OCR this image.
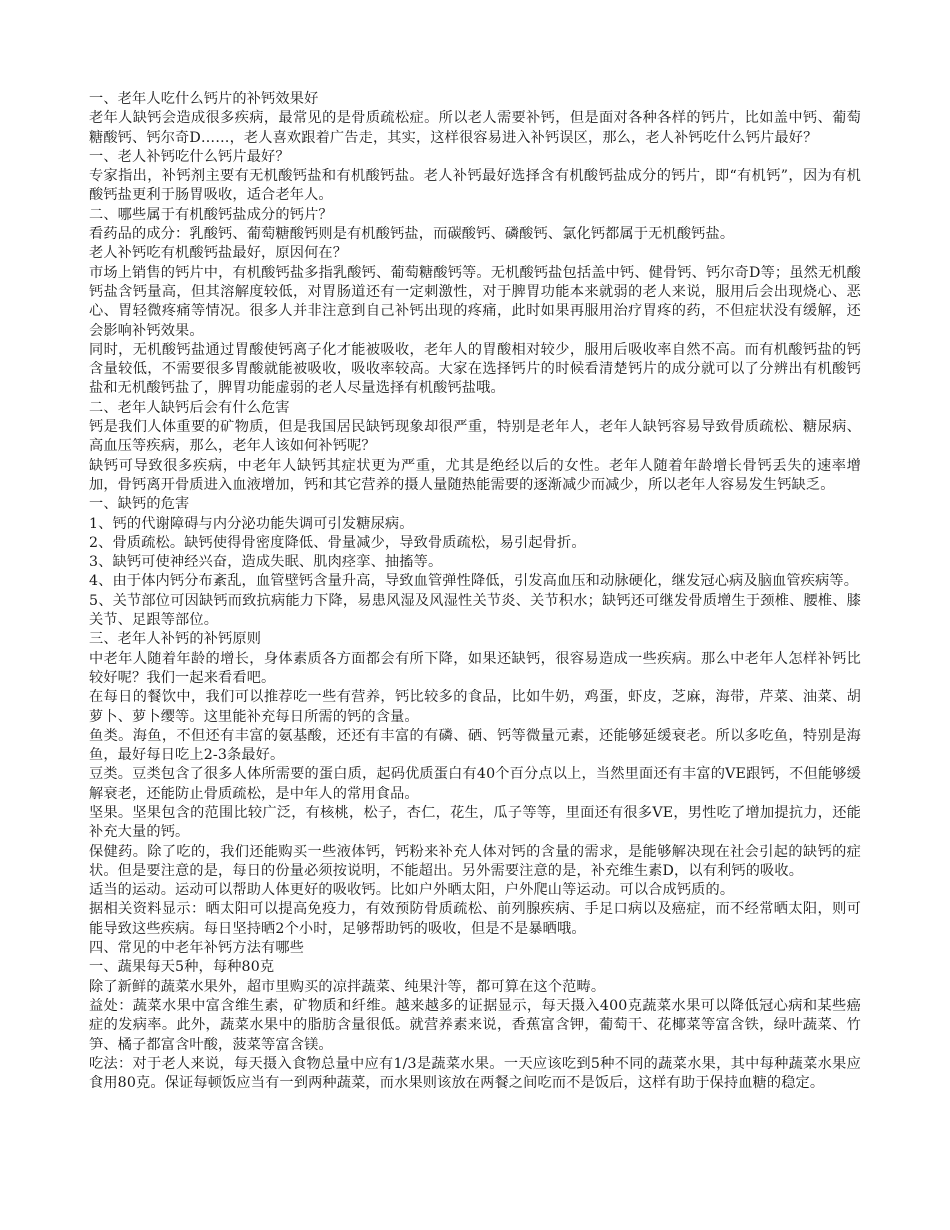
一、老年人吃什么钙片的补钙效果好

老年人缺钙会造成很多疾病，最常见的是骨质疏松症。所以老人需要补钙，但是面对各种各样的钙片，比如盖中钙、葡萄糖酸钙、钙尔奇D……，老人喜欢跟着广告走，其实，这样很容易进入补钙误区，那么，老人补钙吃什么钙片最好？

一、老人补钙吃什么钙片最好？

专家指出，补钙剂主要有无机酸钙盐和有机酸钙盐。老人补钙最好选择含有机酸钙盐成分的钙片，即“有机钙”，因为有机酸钙盐更利于肠胃吸收，适合老年人。

二、哪些属于有机酸钙盐成分的钙片？

看药品的成分：乳酸钙、葡萄糖酸钙则是有机酸钙盐，而碳酸钙、磷酸钙、氯化钙都属于无机酸钙盐。

老人补钙吃有机酸钙盐最好，原因何在？

市场上销售的钙片中，有机酸钙盐多指乳酸钙、葡萄糖酸钙等。无机酸钙盐包括盖中钙、健骨钙、钙尔奇D等；虽然无机酸钙盐含钙量高，但其溶解度较低，对胃肠道还有一定刺激性，对于脾胃功能本来就弱的老人来说，服用后会出现烧心、恶心、胃轻微疼痛等情况。很多人并非注意到自己补钙出现的疼痛，此时如果再服用治疗胃疼的药，不但症状没有缓解，还会影响补钙效果。

同时，无机酸钙盐通过胃酸使钙离子化才能被吸收，老年人的胃酸相对较少，服用后吸收率自然不高。而有机酸钙盐的钙含量较低，不需要很多胃酸就能被吸收，吸收率较高。大家在选择钙片的时候看清楚钙片的成分就可以了分辨出有机酸钙盐和无机酸钙盐了，脾胃功能虚弱的老人尽量选择有机酸钙盐哦。

二、老年人缺钙后会有什么危害

钙是我们人体重要的矿物质，但是我国居民缺钙现象却很严重，特别是老年人，老年人缺钙容易导致骨质疏松、糖尿病、高血压等疾病，那么，老年人该如何补钙呢？

缺钙可导致很多疾病，中老年人缺钙其症状更为严重，尤其是绝经以后的女性。老年人随着年龄增长骨钙丢失的速率增加，骨钙离开骨质进入血液增加，钙和其它营养的摄人量随热能需要的逐渐减少而减少，所以老年人容易发生钙缺乏。

一、缺钙的危害

1、钙的代谢障碍与内分泌功能失调可引发糖尿病。

2、骨质疏松。缺钙使得骨密度降低、骨量减少，导致骨质疏松，易引起骨折。

3、缺钙可使神经兴奋，造成失眠、肌肉痉挛、抽搐等。

4、由于体内钙分布紊乱，血管壁钙含量升高，导致血管弹性降低，引发高血压和动脉硬化，继发冠心病及脑血管疾病等。

5、关节部位可因缺钙而致抗病能力下降，易患风湿及风湿性关节炎、关节积水；缺钙还可继发骨质增生于颈椎、腰椎、膝关节、足跟等部位。

三、老年人补钙的补钙原则

中老年人随着年龄的增长，身体素质各方面都会有所下降，如果还缺钙，很容易造成一些疾病。那么中老年人怎样补钙比较好呢？我们一起来看看吧。

在每日的餐饮中，我们可以推荐吃一些有营养，钙比较多的食品，比如牛奶，鸡蛋，虾皮，芝麻，海带，芹菜、油菜、胡萝卜、萝卜缨等。这里能补充每日所需的钙的含量。

鱼类。海鱼，不但还有丰富的氨基酸，还还有丰富的有磷、硒、钙等微量元素，还能够延缓衰老。所以多吃鱼，特别是海鱼，最好每日吃上2-3条最好。

豆类。豆类包含了很多人体所需要的蛋白质，起码优质蛋白有40个百分点以上，当然里面还有丰富的VE跟钙，不但能够缓解衰老，还能防止骨质疏松，是中年人的常用食品。

坚果。坚果包含的范围比较广泛，有核桃，松子，杏仁，花生，瓜子等等，里面还有很多VE，男性吃了增加提抗力，还能补充大量的钙。

保健药。除了吃的，我们还能购买一些液体钙，钙粉来补充人体对钙的含量的需求，是能够解决现在社会引起的缺钙的症状。但是要注意的是，每日的份量必须按说明，不能超出。另外需要注意的是，补充维生素D，以有利钙的吸收。

适当的运动。运动可以帮助人体更好的吸收钙。比如户外晒太阳，户外爬山等运动。可以合成钙质的。

据相关资料显示：晒太阳可以提高免疫力，有效预防骨质疏松、前列腺疾病、手足口病以及癌症，而不经常晒太阳，则可能导致这些疾病。每日坚持晒2个小时，足够帮助钙的吸收，但是不是暴晒哦。

四、常见的中老年补钙方法有哪些

一、蔬果每天5种，每种80克

除了新鲜的蔬菜水果外，超市里购买的凉拌蔬菜、纯果汁等，都可算在这个范畴。

益处：蔬菜水果中富含维生素，矿物质和纤维。越来越多的证据显示，每天摄入400克蔬菜水果可以降低冠心病和某些癌症的发病率。此外，蔬菜水果中的脂肪含量很低。就营养素来说，香蕉富含钾，葡萄干、花椰菜等富含铁，绿叶蔬菜、竹笋、橘子都富含叶酸，菠菜等富含镁。

吃法：对于老人来说，每天摄入食物总量中应有1/3是蔬菜水果。一天应该吃到5种不同的蔬菜水果，其中每种蔬菜水果应食用80克。保证每顿饭应当有一到两种蔬菜，而水果则该放在两餐之间吃而不是饭后，这样有助于保持血糖的稳定。
